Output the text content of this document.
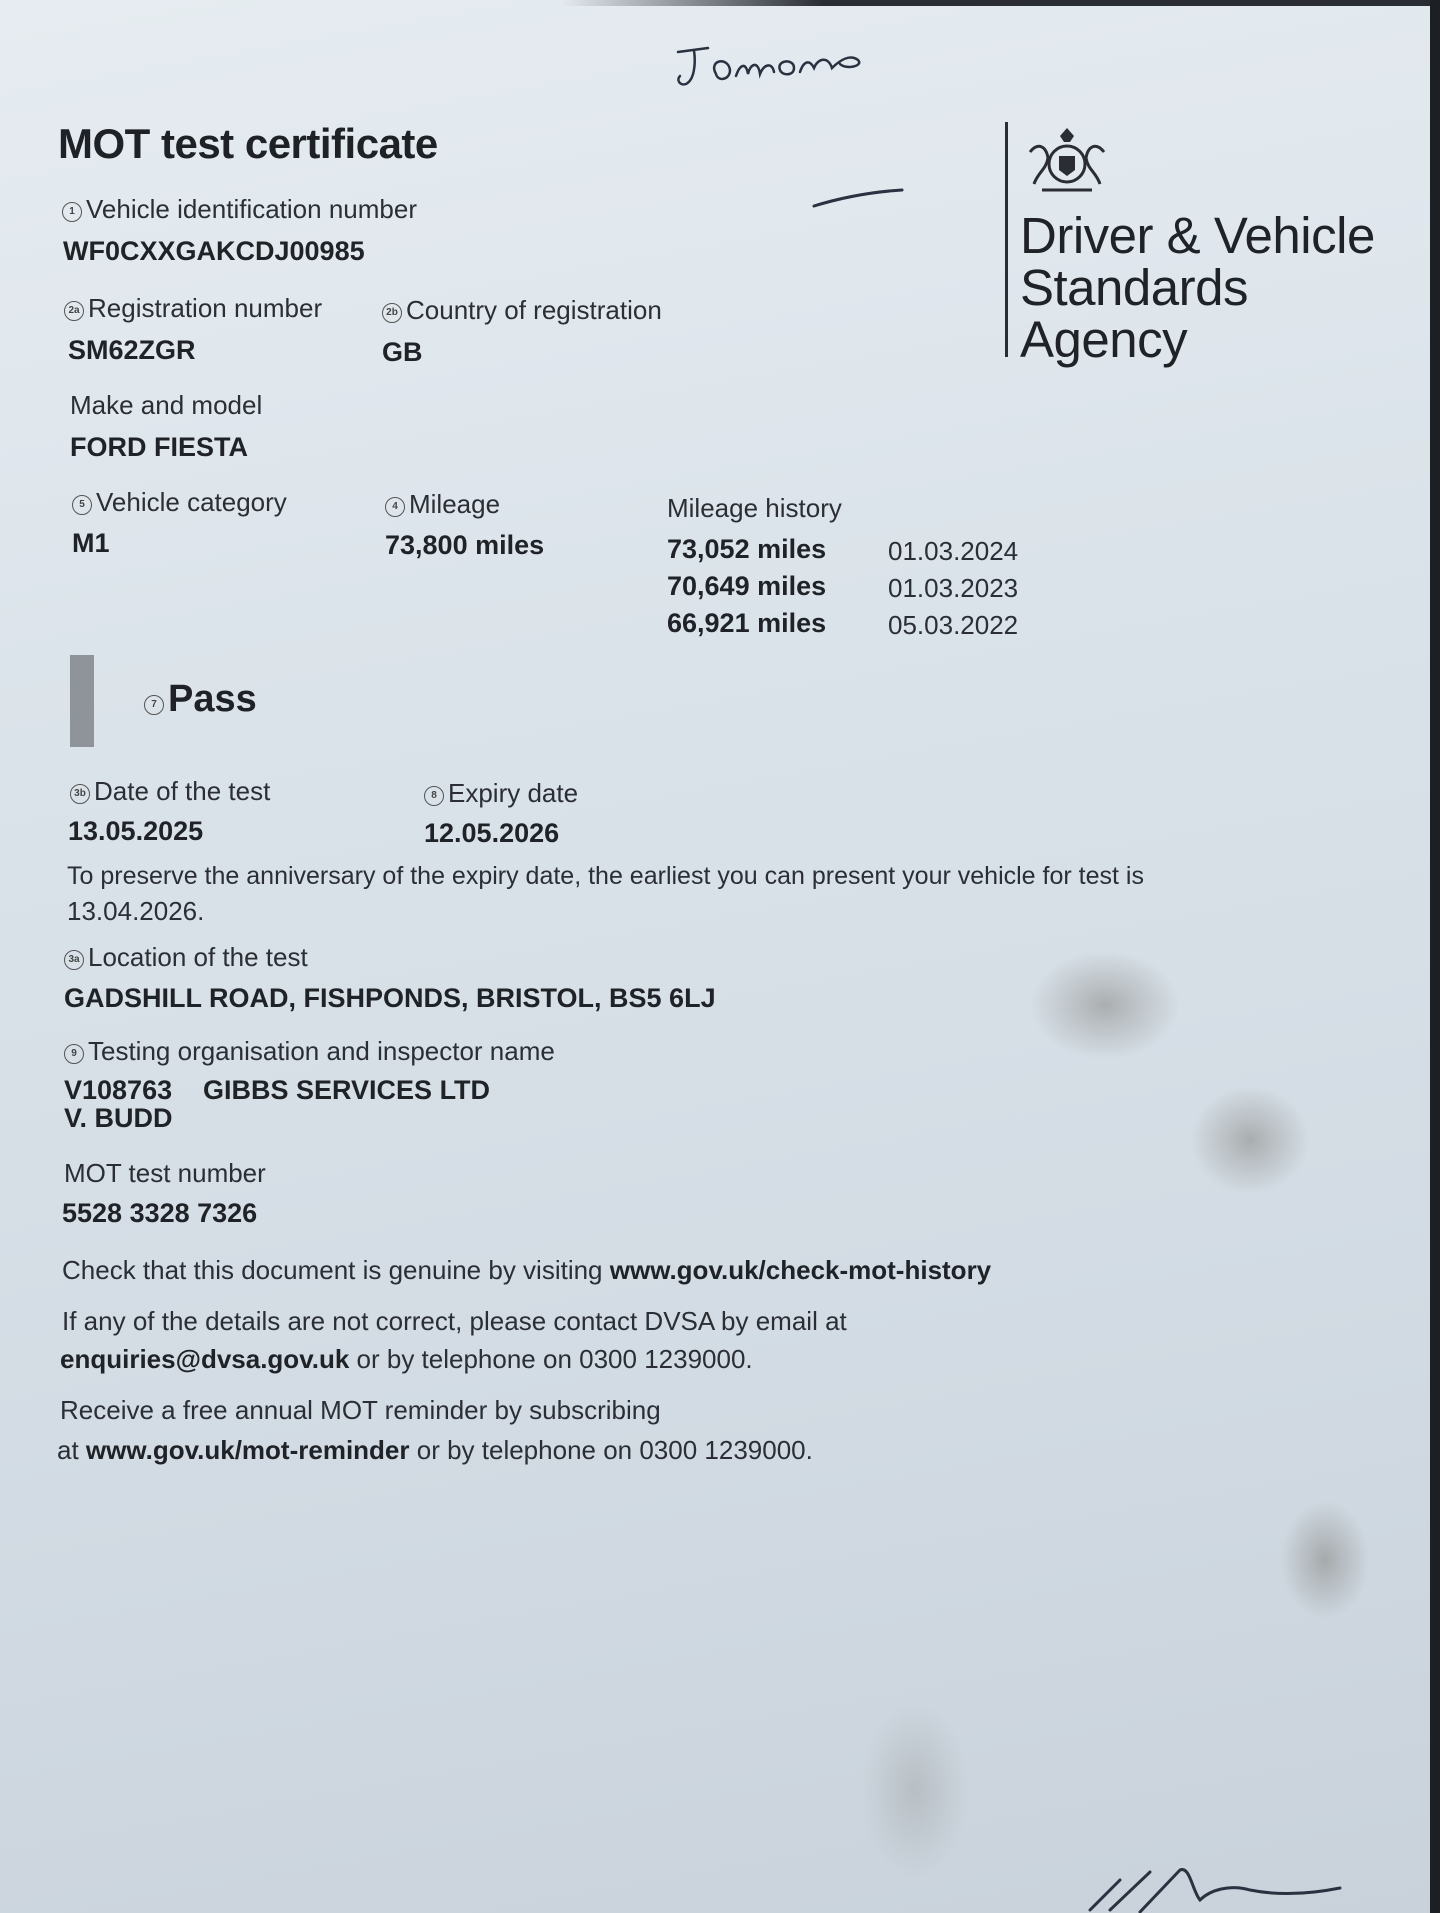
MOT test certificate
Driver & Vehicle
Standards
Agency
1 Vehicle identification number
WF0CXXGAKCDJ00985
2a Registration number
SM62ZGR
2b Country of registration
GB
Make and model
FORD FIESTA
5 Vehicle category
M1
4 Mileage
73,800 miles
Mileage history
73,052 miles 01.03.2024
70,649 miles 01.03.2023
66,921 miles 05.03.2022
7 Pass
3b Date of the test
13.05.2025
8 Expiry date
12.05.2026
To preserve the anniversary of the expiry date, the earliest you can present your vehicle for test is
13.04.2026.
3a Location of the test
GADSHILL ROAD, FISHPONDS, BRISTOL, BS5 6LJ
9 Testing organisation and inspector name
V108763 GIBBS SERVICES LTD
V. BUDD
MOT test number
5528 3328 7326
Check that this document is genuine by visiting www.gov.uk/check-mot-history
If any of the details are not correct, please contact DVSA by email at
enquiries@dvsa.gov.uk or by telephone on 0300 1239000.
Receive a free annual MOT reminder by subscribing
at www.gov.uk/mot-reminder or by telephone on 0300 1239000.
